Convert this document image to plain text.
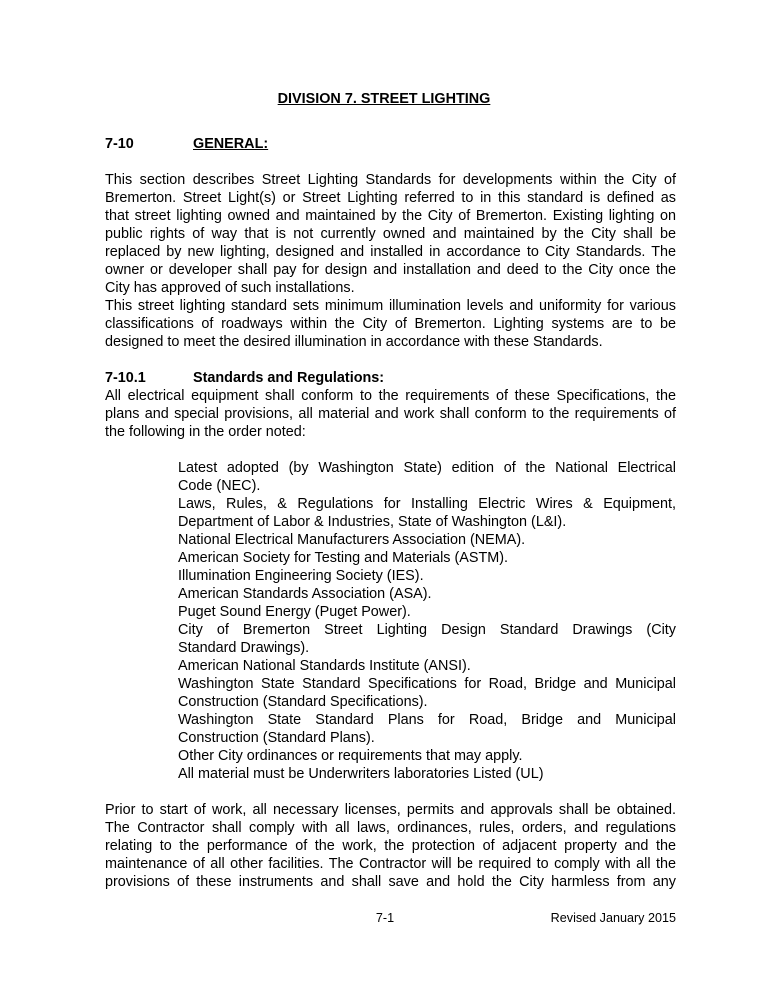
DIVISION 7. STREET LIGHTING
7-10	GENERAL:
This section describes Street Lighting Standards for developments within the City of
Bremerton. Street Light(s) or Street Lighting referred to in this standard is defined as
that street lighting owned and maintained by the City of Bremerton. Existing lighting on
public rights of way that is not currently owned and maintained by the City shall be
replaced by new lighting, designed and installed in accordance to City Standards. The
owner or developer shall pay for design and installation and deed to the City once the
City has approved of such installations.
This street lighting standard sets minimum illumination levels and uniformity for various
classifications of roadways within the City of Bremerton. Lighting systems are to be
designed to meet the desired illumination in accordance with these Standards.
7-10.1	Standards and Regulations:
All electrical equipment shall conform to the requirements of these Specifications, the
plans and special provisions, all material and work shall conform to the requirements of
the following in the order noted:
Latest adopted (by Washington State) edition of the National Electrical
Code (NEC).
Laws, Rules, & Regulations for Installing Electric Wires & Equipment,
Department of Labor & Industries, State of Washington (L&I).
National Electrical Manufacturers Association (NEMA).
American Society for Testing and Materials (ASTM).
Illumination Engineering Society (IES).
American Standards Association (ASA).
Puget Sound Energy (Puget Power).
City of Bremerton Street Lighting Design Standard Drawings (City
Standard Drawings).
American National Standards Institute (ANSI).
Washington State Standard Specifications for Road, Bridge and Municipal
Construction (Standard Specifications).
Washington State Standard Plans for Road, Bridge and Municipal
Construction (Standard Plans).
Other City ordinances or requirements that may apply.
All material must be Underwriters laboratories Listed (UL)
Prior to start of work, all necessary licenses, permits and approvals shall be obtained.
The Contractor shall comply with all laws, ordinances, rules, orders, and regulations
relating to the performance of the work, the protection of adjacent property and the
maintenance of all other facilities. The Contractor will be required to comply with all the
provisions of these instruments and shall save and hold the City harmless from any
7-1	Revised January 2015
